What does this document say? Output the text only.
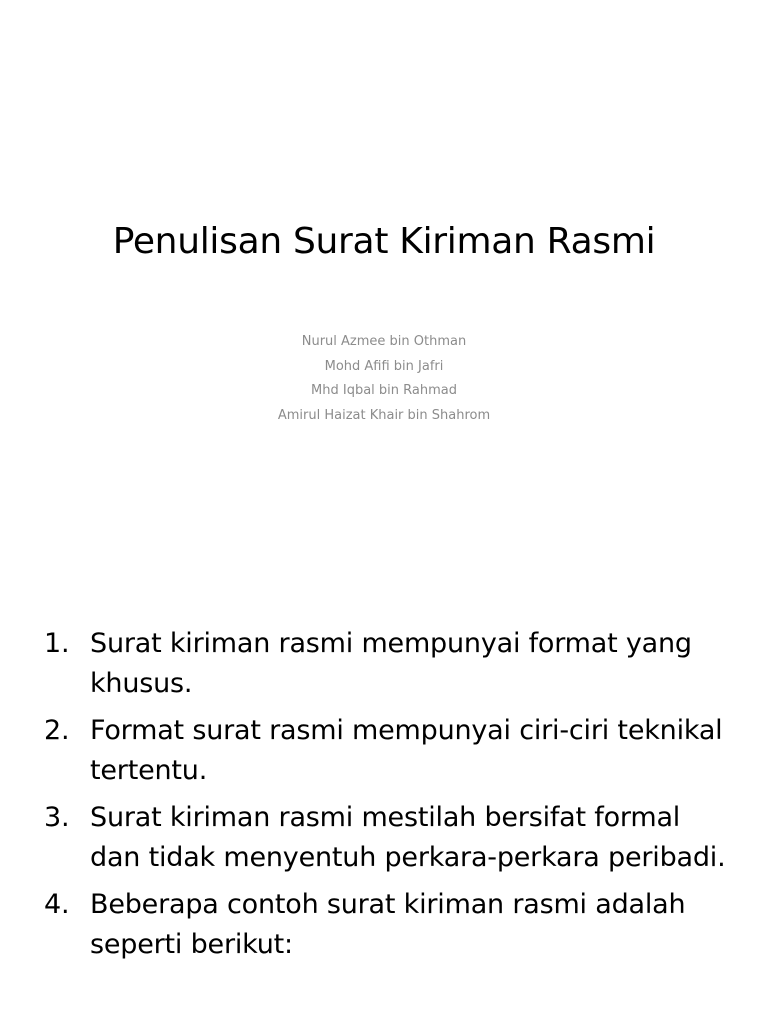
Penulisan Surat Kiriman Rasmi
Nurul Azmee bin Othman
Mohd Afifi bin Jafri
Mhd Iqbal bin Rahmad
Amirul Haizat Khair bin Shahrom
1. Surat kiriman rasmi mempunyai format yang khusus.
2. Format surat rasmi mempunyai ciri-ciri teknikal tertentu.
3. Surat kiriman rasmi mestilah bersifat formal dan tidak menyentuh perkara-perkara peribadi.
4. Beberapa contoh surat kiriman rasmi adalah seperti berikut:
